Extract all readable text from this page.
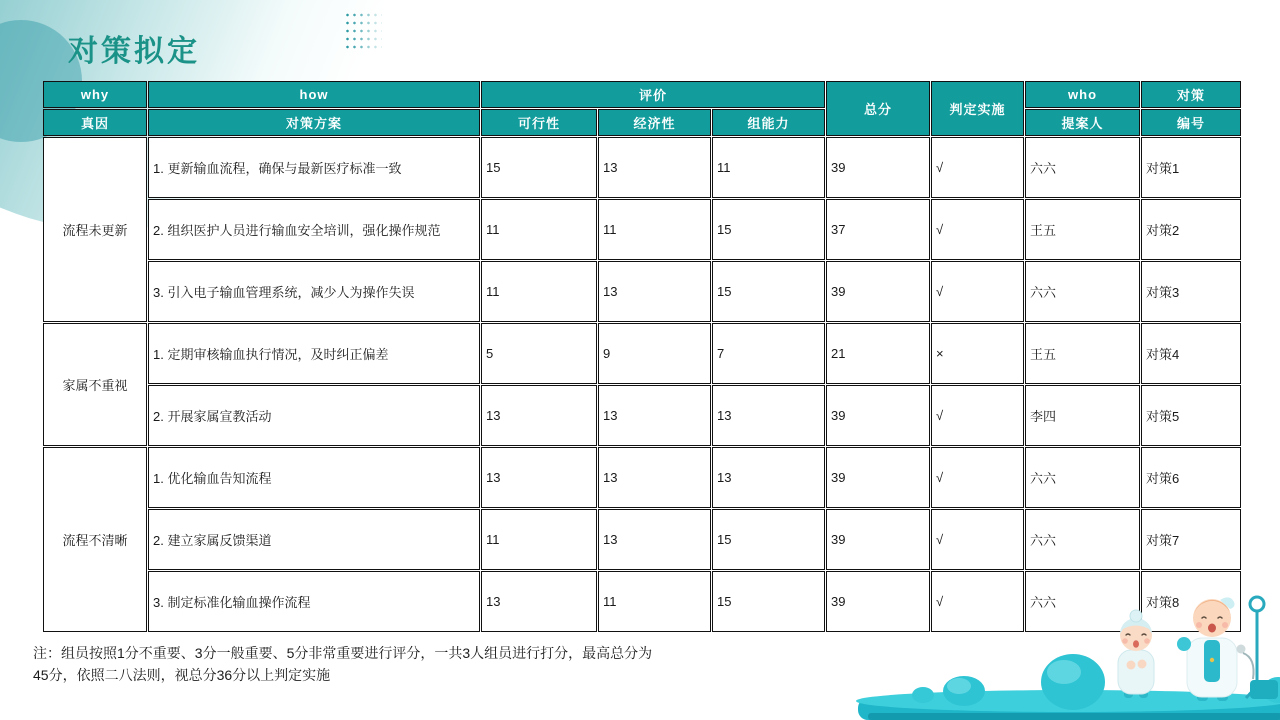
对策拟定
why	how	评价			总分	判定实施	who	对策
真因	对策方案	可行性	经济性	组能力			提案人	编号
流程未更新	1. 更新输血流程，确保与最新医疗标准一致	15	13	11	39	√	六六	对策1
	2. 组织医护人员进行输血安全培训，强化操作规范	11	11	15	37	√	王五	对策2
	3. 引入电子输血管理系统，减少人为操作失误	11	13	15	39	√	六六	对策3
家属不重视	1. 定期审核输血执行情况，及时纠正偏差	5	9	7	21	×	王五	对策4
	2. 开展家属宣教活动	13	13	13	39	√	李四	对策5
流程不清晰	1. 优化输血告知流程	13	13	13	39	√	六六	对策6
	2. 建立家属反馈渠道	11	13	15	39	√	六六	对策7
	3. 制定标准化输血操作流程	13	11	15	39	√	六六	对策8
注：组员按照1分不重要、3分一般重要、5分非常重要进行评分，一共3人组员进行打分，最高总分为
45分，依照二八法则，视总分36分以上判定实施
